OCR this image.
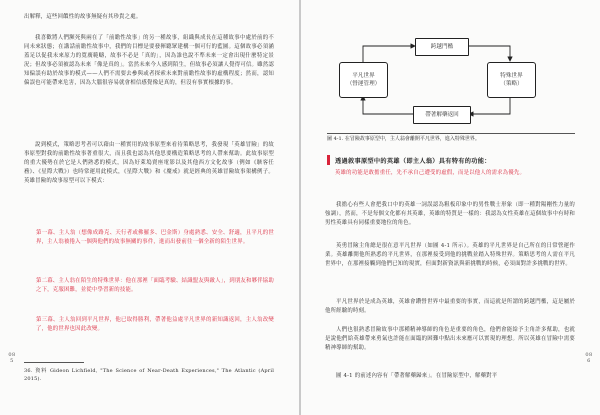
出解釋，這些回饋性的故事無疑有其珍貴之處。

我喜歡將人們瀕死與兩在了「前瞻性故事」的另一種故事，組織與成長在這種故事中處於前的不同未來狀態；在講話前瞻性故事中，我們的目標是要發揮聽眾建構一個可行的藍圖。這個故事必須涵蓋足以促我未來原力的寬廣範疇，故事不必是「真的」，因為誰也說不準未來一定會出現什麼特定景況；但故事必須被認為未來「像是真的」。當然未來今人感到陌生，但故事必須讓人覺得可信。雖然認知偏誤有助於故事的模式——人們不需要去參與或者探索未來對前瞻性故事的虛構程度；然而，認知偏誤也可能帶來危害，因為大腦很容易就會相信感覺像是真的，但沒有事實根據的事。

說到模式，策略思考者可以藉由一種實用的故事原型來看待策略思考，我發現「英雄冒險」的故事原型對我的前瞻性故事著重很大，而且我也認為其他思要構造策略思考的人帶來幫助。此故事原型的重大優勢在於它是人們熟悉的模式，因為好萊塢賣座電影以及其他西方文化故事（例如《駭客任務》、《星際大戰》）也時常運用此模式，《星際大戰》和《魔戒》就是經典的英雄冒險故事架構例子。英雄冒險的故事原型可以下模式：

第一幕、主人翁（想像成路克、天行者或佛羅多、巴金斯）身處熟悉、安全、舒適，且平凡的世界，主人翁被捲入一個與他們的故事無關的事件，進而出發前往一個全新的陌生世界。

第二幕、主人翁在陌生的特殊世界：他在那裡「面臨考驗、結識盟友與敵人」，到朋友和夥伴協助之下，克服困難，並從中學習新的技能。

第三幕、主人翁回到平凡世界，他已取得勝利，帶著他益處平凡世界的新知識返回，主人翁改變了，他的世界也因此改變。

36. 資料 Gideon Lichfield, "The Science of Near-Death Experiences," The Atlantic (April 2015).

085
跨越門檻
平凡世界
（營運管理）
特殊世界
（策略）
帶著解藥返回
圖 4-1. 在冒險故事原型中，主人翁會離開平凡世界，進入特殊世界。
透過敘事原型中的英雄（即主人翁）具有特有的功能：

英雄的功能是敢擔重任，先不承自己遭受的虛假，而是以他人的需求為優先。

我擔心有些人會把我口中的英雄一詞誤認為粗板印象中的男性戰士形象（即一種對陽剛性力量的強調），然而，不是每個文化都有其英雄，英雄的特質是一樣的：我認為女性英雄在這個故事中有時和男性英雄具有同樣重要地位的角色。

英勇冒險主角總是很在意平凡世界（如圖 4-1 所示）。英雄的平凡世界是自己所在的日常營運作業。英雄離開他所熟悉的平凡世界，在那裡接受到他的挑戰並踏入特殊世界。策略思考的人需在平凡世界中，在那裡接觸到他們已知的現實，但面對新資訊與新挑戰的時候，必須面對許多挑戰的世界。

平凡世界於是成為英雄，英雄會鑽營世界中最重要的事實，而這就是所謂的跨越門檻，這是屬於他所經驗的時刻。

人們也很熟悉冒險故事中那種精神導師的角色是重要的角色，他們會能給予主角許多幫助，也就是說他們給英雄帶來勇氣也許能在面臨的困難中點出未來應可以實現的理想。所以英雄在冒險中需要精神導師的幫助。

圖 4-1 的前述內容有「帶著解藥歸來」。在冒險原型中，解藥對平

086
